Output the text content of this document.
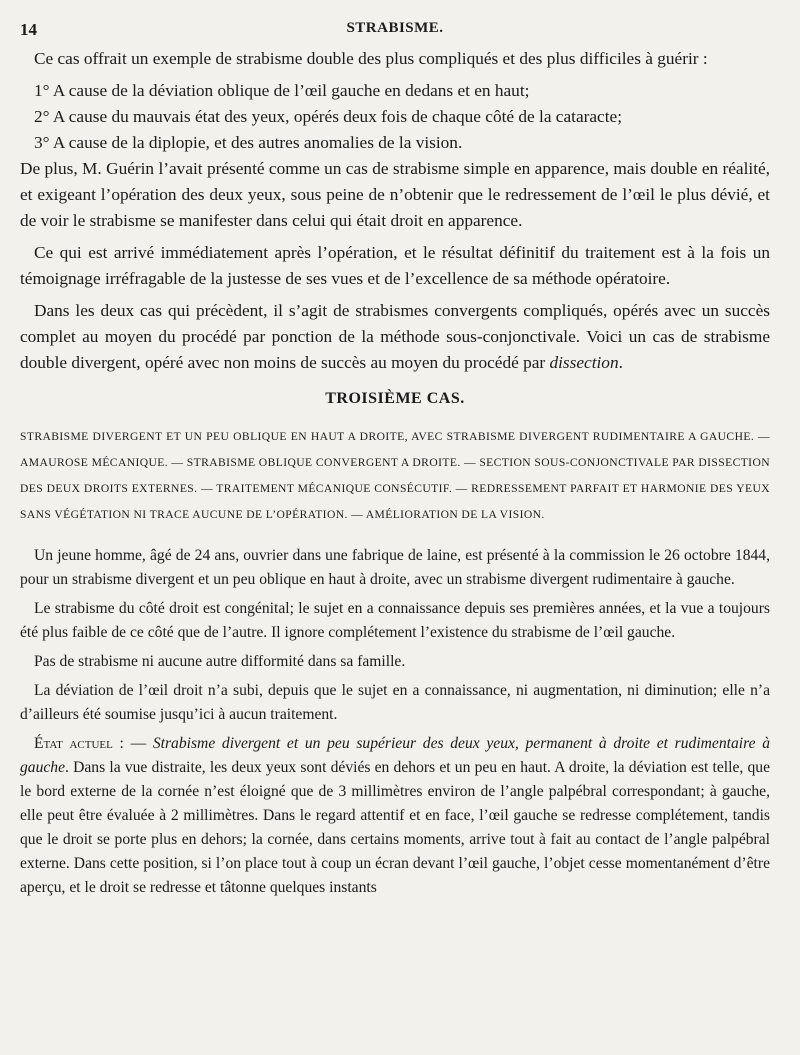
14	STRABISME.

Ce cas offrait un exemple de strabisme double des plus compliqués et des plus difficiles à guérir :

1° A cause de la déviation oblique de l’œil gauche en dedans et en haut;

2° A cause du mauvais état des yeux, opérés deux fois de chaque côté de la cataracte;

3° A cause de la diplopie, et des autres anomalies de la vision.

De plus, M. Guérin l’avait présenté comme un cas de strabisme simple en apparence, mais double en réalité, et exigeant l’opération des deux yeux, sous peine de n’obtenir que le redressement de l’œil le plus dévié, et de voir le strabisme se manifester dans celui qui était droit en apparence.

Ce qui est arrivé immédiatement après l’opération, et le résultat définitif du traitement est à la fois un témoignage irréfragable de la justesse de ses vues et de l’excellence de sa méthode opératoire.

Dans les deux cas qui précèdent, il s’agit de strabismes convergents compliqués, opérés avec un succès complet au moyen du procédé par ponction de la méthode sous-conjonctivale. Voici un cas de strabisme double divergent, opéré avec non moins de succès au moyen du procédé par dissection.

TROISIÈME CAS.

STRABISME DIVERGENT ET UN PEU OBLIQUE EN HAUT A DROITE, AVEC STRABISME DIVERGENT RUDIMENTAIRE A GAUCHE. — AMAUROSE MÉCANIQUE. — STRABISME OBLIQUE CONVERGENT A DROITE. — SECTION SOUS-CONJONCTIVALE PAR DISSECTION DES DEUX DROITS EXTERNES. — TRAITEMENT MÉCANIQUE CONSÉCUTIF. — REDRESSEMENT PARFAIT ET HARMONIE DES YEUX SANS VÉGÉTATION NI TRACE AUCUNE DE L’OPÉRATION. — AMÉLIORATION DE LA VISION.

Un jeune homme, âgé de 24 ans, ouvrier dans une fabrique de laine, est présenté à la commission le 26 octobre 1844, pour un strabisme divergent et un peu oblique en haut à droite, avec un strabisme divergent rudimentaire à gauche.

Le strabisme du côté droit est congénital; le sujet en a connaissance depuis ses premières années, et la vue a toujours été plus faible de ce côté que de l’autre. Il ignore complétement l’existence du strabisme de l’œil gauche.

Pas de strabisme ni aucune autre difformité dans sa famille.

La déviation de l’œil droit n’a subi, depuis que le sujet en a connaissance, ni augmentation, ni diminution; elle n’a d’ailleurs été soumise jusqu’ici à aucun traitement.

État actuel : — Strabisme divergent et un peu supérieur des deux yeux, permanent à droite et rudimentaire à gauche. Dans la vue distraite, les deux yeux sont déviés en dehors et un peu en haut. A droite, la déviation est telle, que le bord externe de la cornée n’est éloigné que de 3 millimètres environ de l’angle palpébral correspondant; à gauche, elle peut être évaluée à 2 millimètres. Dans le regard attentif et en face, l’œil gauche se redresse complétement, tandis que le droit se porte plus en dehors; la cornée, dans certains moments, arrive tout à fait au contact de l’angle palpébral externe. Dans cette position, si l’on place tout à coup un écran devant l’œil gauche, l’objet cesse momentanément d’être aperçu, et le droit se redresse et tâtonne quelques instants
